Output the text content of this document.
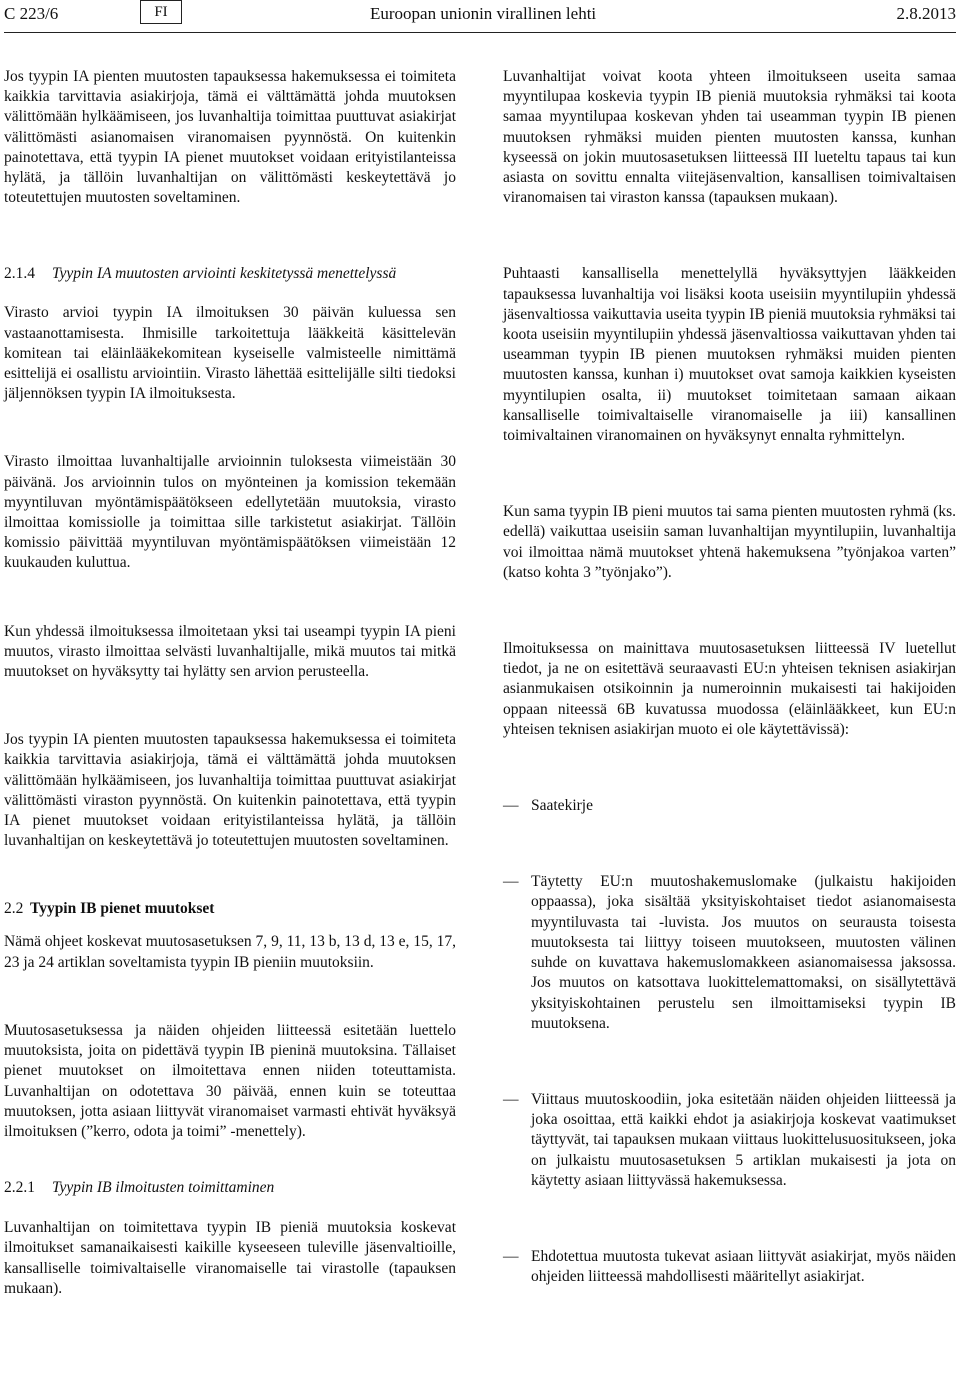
C 223/6	FI	Euroopan unionin virallinen lehti	2.8.2013

Jos tyypin IA pienten muutosten tapauksessa hakemuksessa ei toimiteta kaikkia tarvittavia asiakirjoja, tämä ei välttämättä johda muutoksen välittömään hylkäämiseen, jos luvanhaltija toimittaa puuttuvat asiakirjat välittömästi asianomaisen viranomaisen pyynnöstä. On kuitenkin painotettava, että tyypin IA pienet muutokset voidaan erityistilanteissa hylätä, ja tällöin luvanhaltijan on välittömästi keskeytettävä jo toteutettujen muutosten soveltaminen.

2.1.4 Tyypin IA muutosten arviointi keskitetyssä menettelyssä

Virasto arvioi tyypin IA ilmoituksen 30 päivän kuluessa sen vastaanottamisesta. Ihmisille tarkoitettuja lääkkeitä käsittelevän komitean tai eläinlääkekomitean kyseiselle valmisteelle nimittämä esittelijä ei osallistu arviointiin. Virasto lähettää esittelijälle silti tiedoksi jäljennöksen tyypin IA ilmoituksesta.

Virasto ilmoittaa luvanhaltijalle arvioinnin tuloksesta viimeistään 30 päivänä. Jos arvioinnin tulos on myönteinen ja komission tekemään myyntiluvan myöntämispäätökseen edellytetään muutoksia, virasto ilmoittaa komissiolle ja toimittaa sille tarkistetut asiakirjat. Tällöin komissio päivittää myyntiluvan myöntämispäätöksen viimeistään 12 kuukauden kuluttua.

Kun yhdessä ilmoituksessa ilmoitetaan yksi tai useampi tyypin IA pieni muutos, virasto ilmoittaa selvästi luvanhaltijalle, mikä muutos tai mitkä muutokset on hyväksytty tai hylätty sen arvion perusteella.

Jos tyypin IA pienten muutosten tapauksessa hakemuksessa ei toimiteta kaikkia tarvittavia asiakirjoja, tämä ei välttämättä johda muutoksen välittömään hylkäämiseen, jos luvanhaltija toimittaa puuttuvat asiakirjat välittömästi viraston pyynnöstä. On kuitenkin painotettava, että tyypin IA pienet muutokset voidaan erityistilanteissa hylätä, ja tällöin luvanhaltijan on keskeytettävä jo toteutettujen muutosten soveltaminen.

2.2 Tyypin IB pienet muutokset

Nämä ohjeet koskevat muutosasetuksen 7, 9, 11, 13 b, 13 d, 13 e, 15, 17, 23 ja 24 artiklan soveltamista tyypin IB pieniin muutoksiin.

Muutosasetuksessa ja näiden ohjeiden liitteessä esitetään luettelo muutoksista, joita on pidettävä tyypin IB pieninä muutoksina. Tällaiset pienet muutokset on ilmoitettava ennen niiden toteuttamista. Luvanhaltijan on odotettava 30 päivää, ennen kuin se toteuttaa muutoksen, jotta asiaan liittyvät viranomaiset varmasti ehtivät hyväksyä ilmoituksen (”kerro, odota ja toimi” -menettely).

2.2.1 Tyypin IB ilmoitusten toimittaminen

Luvanhaltijan on toimitettava tyypin IB pieniä muutoksia koskevat ilmoitukset samanaikaisesti kaikille kyseeseen tuleville jäsenvaltioille, kansalliselle toimivaltaiselle viranomaiselle tai virastolle (tapauksen mukaan).

Luvanhaltijat voivat koota yhteen ilmoitukseen useita samaa myyntilupaa koskevia tyypin IB pieniä muutoksia ryhmäksi tai koota samaa myyntilupaa koskevan yhden tai useamman tyypin IB pienen muutoksen ryhmäksi muiden pienten muutosten kanssa, kunhan kyseessä on jokin muutosasetuksen liitteessä III lueteltu tapaus tai kun asiasta on sovittu ennalta viitejäsenvaltion, kansallisen toimivaltaisen viranomaisen tai viraston kanssa (tapauksen mukaan).

Puhtaasti kansallisella menettelyllä hyväksyttyjen lääkkeiden tapauksessa luvanhaltija voi lisäksi koota useisiin myyntilupiin yhdessä jäsenvaltiossa vaikuttavia useita tyypin IB pieniä muutoksia ryhmäksi tai koota useisiin myyntilupiin yhdessä jäsenvaltiossa vaikuttavan yhden tai useamman tyypin IB pienen muutoksen ryhmäksi muiden pienten muutosten kanssa, kunhan i) muutokset ovat samoja kaikkien kyseisten myyntilupien osalta, ii) muutokset toimitetaan samaan aikaan kansalliselle toimivaltaiselle viranomaiselle ja iii) kansallinen toimivaltainen viranomainen on hyväksynyt ennalta ryhmittelyn.

Kun sama tyypin IB pieni muutos tai sama pienten muutosten ryhmä (ks. edellä) vaikuttaa useisiin saman luvanhaltijan myyntilupiin, luvanhaltija voi ilmoittaa nämä muutokset yhtenä hakemuksena ”työnjakoa varten” (katso kohta 3 ”työnjako”).

Ilmoituksessa on mainittava muutosasetuksen liitteessä IV luetellut tiedot, ja ne on esitettävä seuraavasti EU:n yhteisen teknisen asiakirjan asianmukaisen otsikoinnin ja numeroinnin mukaisesti tai hakijoiden oppaan niteessä 6B kuvatussa muodossa (eläinlääkkeet, kun EU:n yhteisen teknisen asiakirjan muoto ei ole käytettävissä):

— Saatekirje
— Täytetty EU:n muutoshakemuslomake (julkaistu hakijoiden oppaassa), joka sisältää yksityiskohtaiset tiedot asianomaisesta myyntiluvasta tai -luvista. Jos muutos on seurausta toisesta muutoksesta tai liittyy toiseen muutokseen, muutosten välinen suhde on kuvattava hakemuslomakkeen asianomaisessa jaksossa. Jos muutos on katsottava luokittelemattomaksi, on sisällytettävä yksityiskohtainen perustelu sen ilmoittamiseksi tyypin IB muutoksena.
— Viittaus muutoskoodiin, joka esitetään näiden ohjeiden liitteessä ja joka osoittaa, että kaikki ehdot ja asiakirjoja koskevat vaatimukset täyttyvät, tai tapauksen mukaan viittaus luokittelusuositukseen, joka on julkaistu muutosasetuksen 5 artiklan mukaisesti ja jota on käytetty asiaan liittyvässä hakemuksessa.
— Ehdotettua muutosta tukevat asiaan liittyvät asiakirjat, myös näiden ohjeiden liitteessä mahdollisesti määritellyt asiakirjat.
